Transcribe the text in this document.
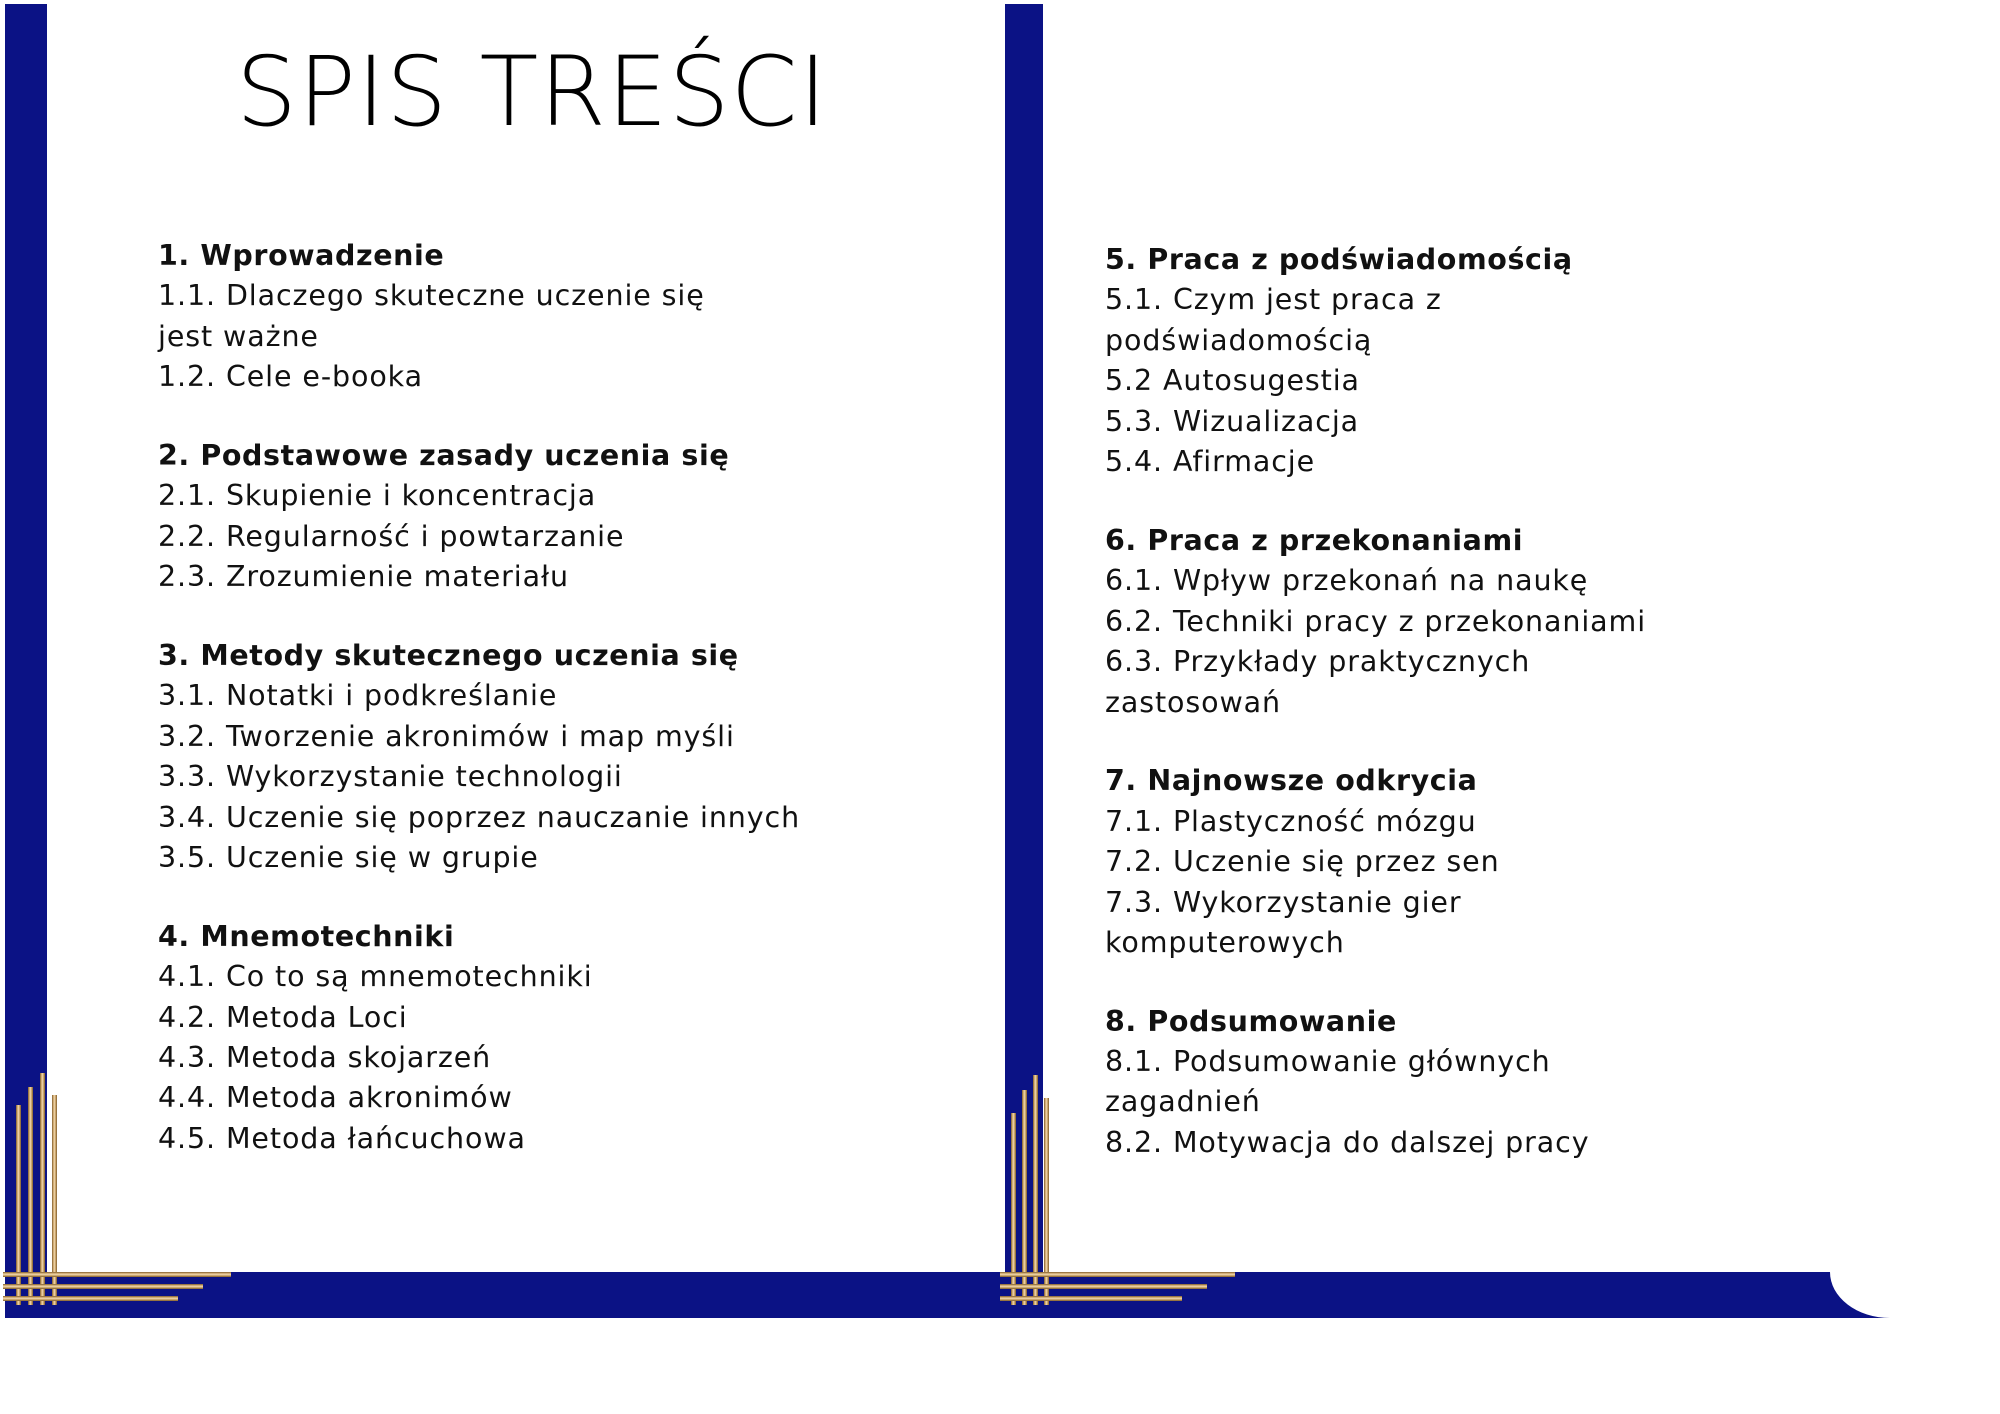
SPIS TREŚCI
1. Wprowadzenie
1.1. Dlaczego skuteczne uczenie się
jest ważne
1.2. Cele e-booka
2. Podstawowe zasady uczenia się
2.1. Skupienie i koncentracja
2.2. Regularność i powtarzanie
2.3. Zrozumienie materiału
3. Metody skutecznego uczenia się
3.1. Notatki i podkreślanie
3.2. Tworzenie akronimów i map myśli
3.3. Wykorzystanie technologii
3.4. Uczenie się poprzez nauczanie innych
3.5. Uczenie się w grupie
4. Mnemotechniki
4.1. Co to są mnemotechniki
4.2. Metoda Loci
4.3. Metoda skojarzeń
4.4. Metoda akronimów
4.5. Metoda łańcuchowa
5. Praca z podświadomością
5.1. Czym jest praca z
podświadomością
5.2 Autosugestia
5.3. Wizualizacja
5.4. Afirmacje
6. Praca z przekonaniami
6.1. Wpływ przekonań na naukę
6.2. Techniki pracy z przekonaniami
6.3. Przykłady praktycznych
zastosowań
7. Najnowsze odkrycia
7.1. Plastyczność mózgu
7.2. Uczenie się przez sen
7.3. Wykorzystanie gier
komputerowych
8. Podsumowanie
8.1. Podsumowanie głównych
zagadnień
8.2. Motywacja do dalszej pracy
